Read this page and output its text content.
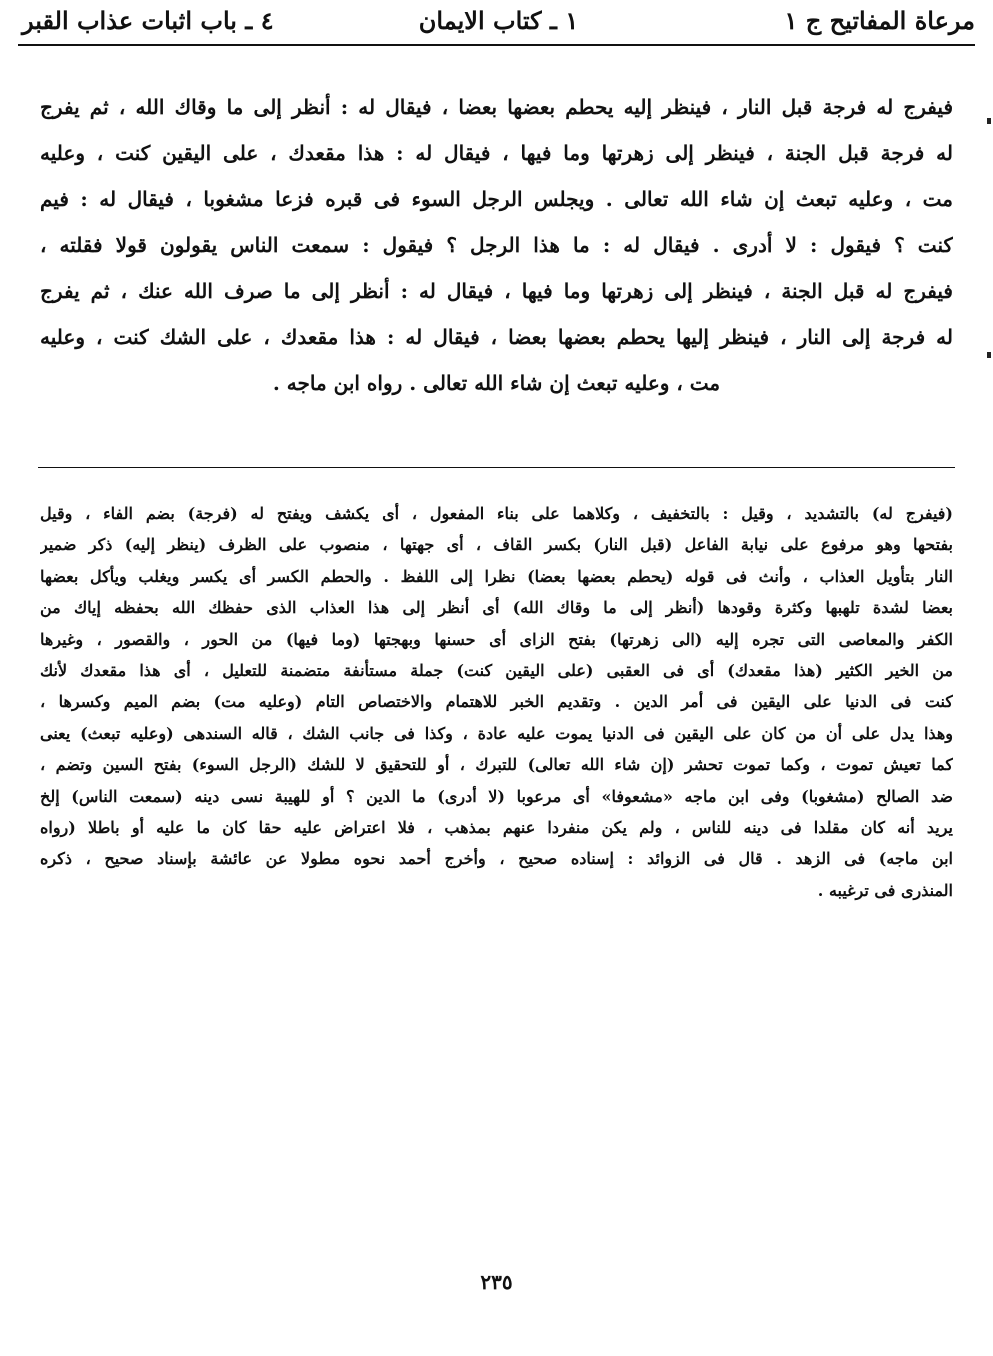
مرعاة المفاتيح ج ١
١ ـ كتاب الايمان
٤ ـ باب اثبات عذاب القبر
فيفرج له فرجة قبل النار ، فينظر إليه يحطم بعضها بعضا ، فيقال له : أنظر إلى ما وقاك الله ، ثم يفرج
له فرجة قبل الجنة ، فينظر إلى زهرتها وما فيها ، فيقال له : هذا مقعدك ، على اليقين كنت ، وعليه
مت ، وعليه تبعث إن شاء الله تعالى . ويجلس الرجل السوء فى قبره فزعا مشغوبا ، فيقال له : فيم
كنت ؟ فيقول : لا أدرى . فيقال له : ما هذا الرجل ؟ فيقول : سمعت الناس يقولون قولا فقلته ،
فيفرج له قبل الجنة ، فينظر إلى زهرتها وما فيها ، فيقال له : أنظر إلى ما صرف الله عنك ، ثم يفرج
له فرجة إلى النار ، فينظر إليها يحطم بعضها بعضا ، فيقال له : هذا مقعدك ، على الشك كنت ، وعليه
مت ، وعليه تبعث إن شاء الله تعالى . رواه ابن ماجه .
(فيفرج له) بالتشديد ، وقيل : بالتخفيف ، وكلاهما على بناء المفعول ، أى يكشف ويفتح له (فرجة) بضم الفاء ، وقيل
بفتحها وهو مرفوع على نيابة الفاعل (قبل النار) بكسر القاف ، أى جهتها ، منصوب على الظرف (ينظر إليه) ذكر ضمير
النار بتأويل العذاب ، وأنث فى قوله (يحطم بعضها بعضا) نظرا إلى اللفظ . والحطم الكسر أى يكسر ويغلب ويأكل بعضها
بعضا لشدة تلهبها وكثرة وقودها (أنظر إلى ما وقاك الله) أى أنظر إلى هذا العذاب الذى حفظك الله بحفظه إياك من
الكفر والمعاصى التى تجره إليه (الى زهرتها) بفتح الزاى أى حسنها وبهجتها (وما فيها) من الحور ، والقصور ، وغيرها
من الخير الكثير (هذا مقعدك) أى فى العقبى (على اليقين كنت) جملة مستأنفة متضمنة للتعليل ، أى هذا مقعدك لأنك
كنت فى الدنيا على اليقين فى أمر الدين . وتقديم الخبر للاهتمام والاختصاص التام (وعليه مت) بضم الميم وكسرها ،
وهذا يدل على أن من كان على اليقين فى الدنيا يموت عليه عادة ، وكذا فى جانب الشك ، قاله السندهى (وعليه تبعث) يعنى
كما تعيش تموت ، وكما تموت تحشر (إن شاء الله تعالى) للتبرك ، أو للتحقيق لا للشك (الرجل السوء) بفتح السين وتضم ،
ضد الصالح (مشغوبا) وفى ابن ماجه «مشعوفا» أى مرعوبا (لا أدرى) ما الدين ؟ أو للهيبة نسى دينه (سمعت الناس) إلخ
يريد أنه كان مقلدا فى دينه للناس ، ولم يكن منفردا عنهم بمذهب ، فلا اعتراض عليه حقا كان ما عليه أو باطلا (رواه
ابن ماجه) فى الزهد . قال فى الزوائد : إسناده صحيح ، وأخرج أحمد نحوه مطولا عن عائشة بإسناد صحيح ، ذكره
المنذرى فى ترغيبه .
٢٣٥
